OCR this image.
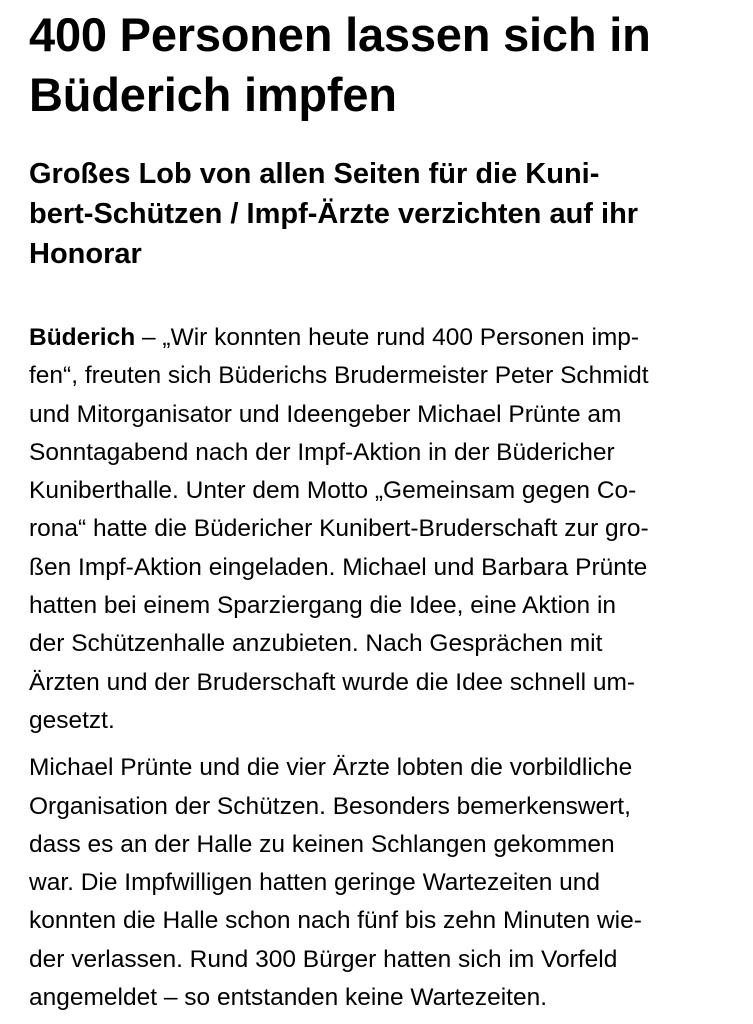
400 Personen lassen sich in
Büderich impfen
Großes Lob von allen Seiten für die Kuni-
bert-Schützen / Impf-Ärzte verzichten auf ihr
Honorar

Büderich – „Wir konnten heute rund 400 Personen imp-
fen“, freuten sich Büderichs Brudermeister Peter Schmidt
und Mitorganisator und Ideengeber Michael Prünte am
Sonntagabend nach der Impf-Aktion in der Büdericher
Kuniberthalle. Unter dem Motto „Gemeinsam gegen Co-
rona“ hatte die Büdericher Kunibert-Bruderschaft zur gro-
ßen Impf-Aktion eingeladen. Michael und Barbara Prünte
hatten bei einem Sparziergang die Idee, eine Aktion in
der Schützenhalle anzubieten. Nach Gesprächen mit
Ärzten und der Bruderschaft wurde die Idee schnell um-
gesetzt.

Michael Prünte und die vier Ärzte lobten die vorbildliche
Organisation der Schützen. Besonders bemerkenswert,
dass es an der Halle zu keinen Schlangen gekommen
war. Die Impfwilligen hatten geringe Wartezeiten und
konnten die Halle schon nach fünf bis zehn Minuten wie-
der verlassen. Rund 300 Bürger hatten sich im Vorfeld
angemeldet – so entstanden keine Wartezeiten.
